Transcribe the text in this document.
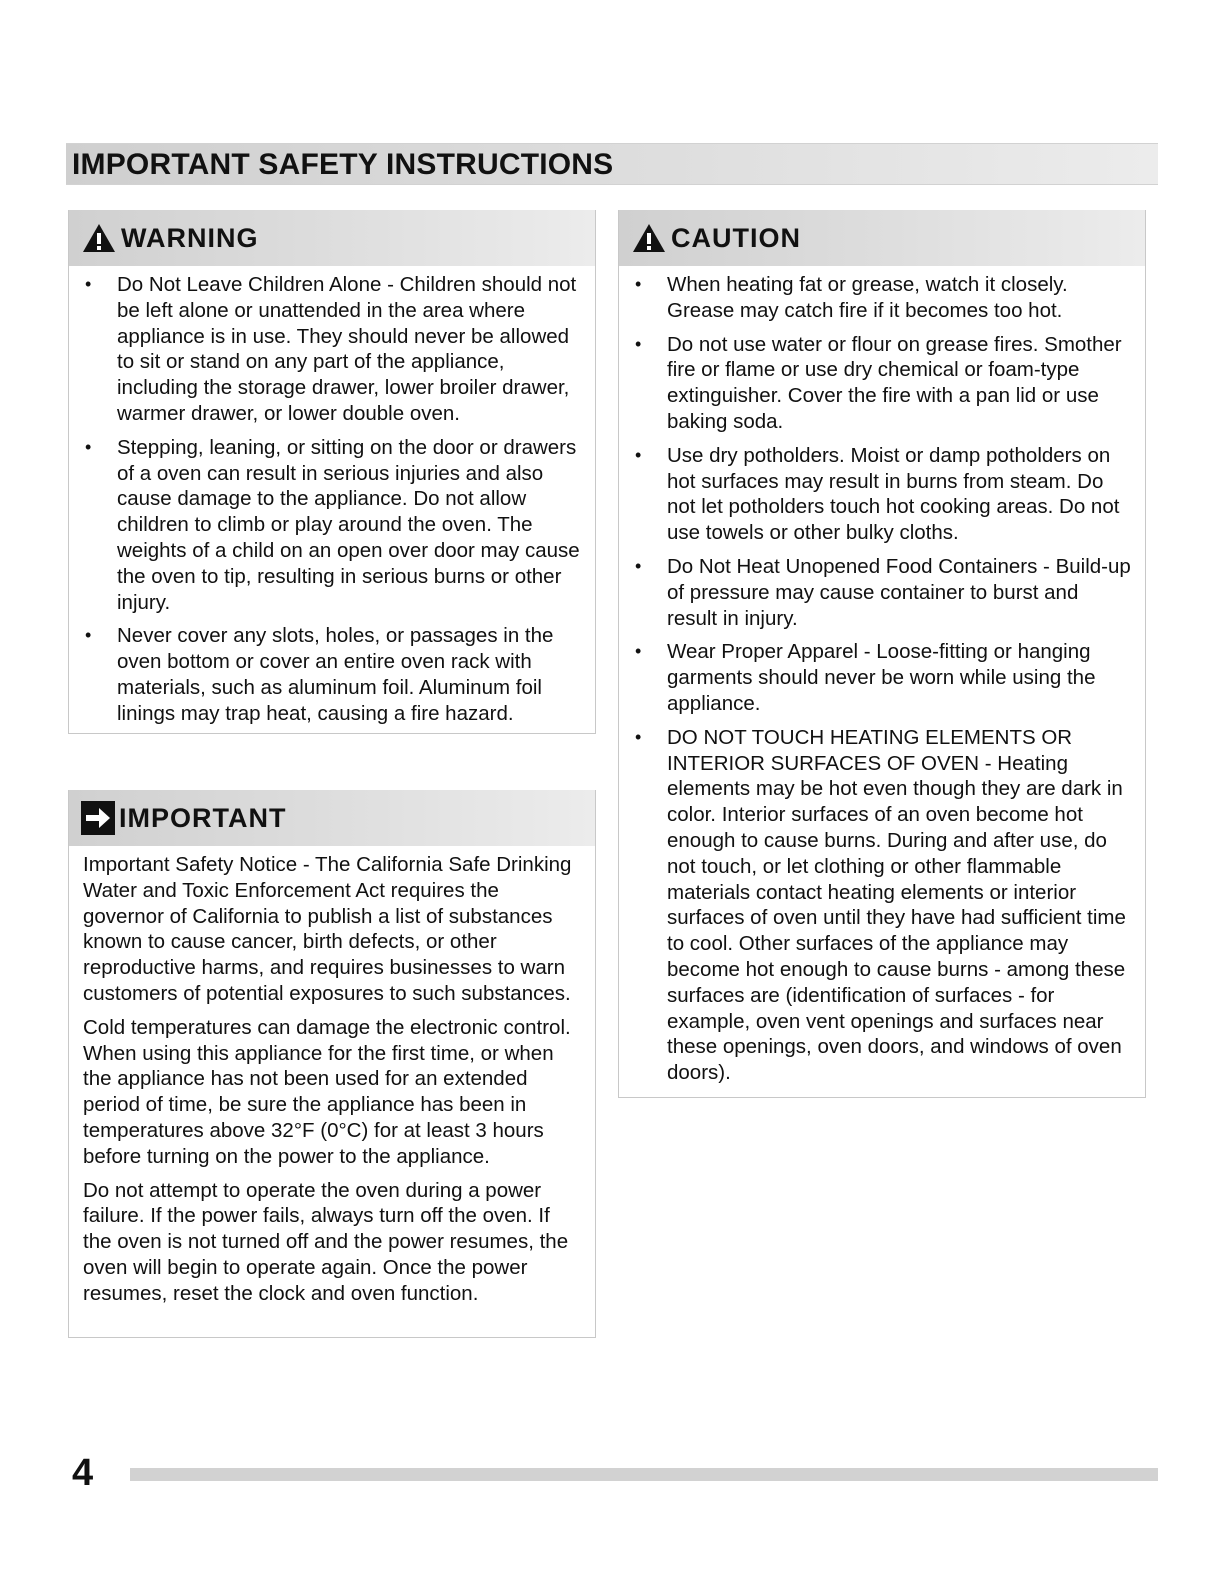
IMPORTANT SAFETY INSTRUCTIONS
WARNING
• Do Not Leave Children Alone - Children should not be left alone or unattended in the area where appliance is in use. They should never be allowed to sit or stand on any part of the appliance, including the storage drawer, lower broiler drawer, warmer drawer, or lower double oven.
• Stepping, leaning, or sitting on the door or drawers of a oven can result in serious injuries and also cause damage to the appliance. Do not allow children to climb or play around the oven. The weights of a child on an open over door may cause the oven to tip, resulting in serious burns or other injury.
• Never cover any slots, holes, or passages in the oven bottom or cover an entire oven rack with materials, such as aluminum foil. Aluminum foil linings may trap heat, causing a fire hazard.
IMPORTANT

Important Safety Notice - The California Safe Drinking Water and Toxic Enforcement Act requires the governor of California to publish a list of substances known to cause cancer, birth defects, or other reproductive harms, and requires businesses to warn customers of potential exposures to such substances.

Cold temperatures can damage the electronic control. When using this appliance for the first time, or when the appliance has not been used for an extended period of time, be sure the appliance has been in temperatures above 32°F (0°C) for at least 3 hours before turning on the power to the appliance.

Do not attempt to operate the oven during a power failure. If the power fails, always turn off the oven. If the oven is not turned off and the power resumes, the oven will begin to operate again. Once the power resumes, reset the clock and oven function.

CAUTION
• When heating fat or grease, watch it closely. Grease may catch fire if it becomes too hot.
• Do not use water or flour on grease fires. Smother fire or flame or use dry chemical or foam-type extinguisher. Cover the fire with a pan lid or use baking soda.
• Use dry potholders. Moist or damp potholders on hot surfaces may result in burns from steam. Do not let potholders touch hot cooking areas. Do not use towels or other bulky cloths.
• Do Not Heat Unopened Food Containers - Build-up of pressure may cause container to burst and result in injury.
• Wear Proper Apparel - Loose-fitting or hanging garments should never be worn while using the appliance.
• DO NOT TOUCH HEATING ELEMENTS OR INTERIOR SURFACES OF OVEN - Heating elements may be hot even though they are dark in color. Interior surfaces of an oven become hot enough to cause burns. During and after use, do not touch, or let clothing or other flammable materials contact heating elements or interior surfaces of oven until they have had sufficient time to cool. Other surfaces of the appliance may become hot enough to cause burns - among these surfaces are (identification of surfaces - for example, oven vent openings and surfaces near these openings, oven doors, and windows of oven doors).
4
